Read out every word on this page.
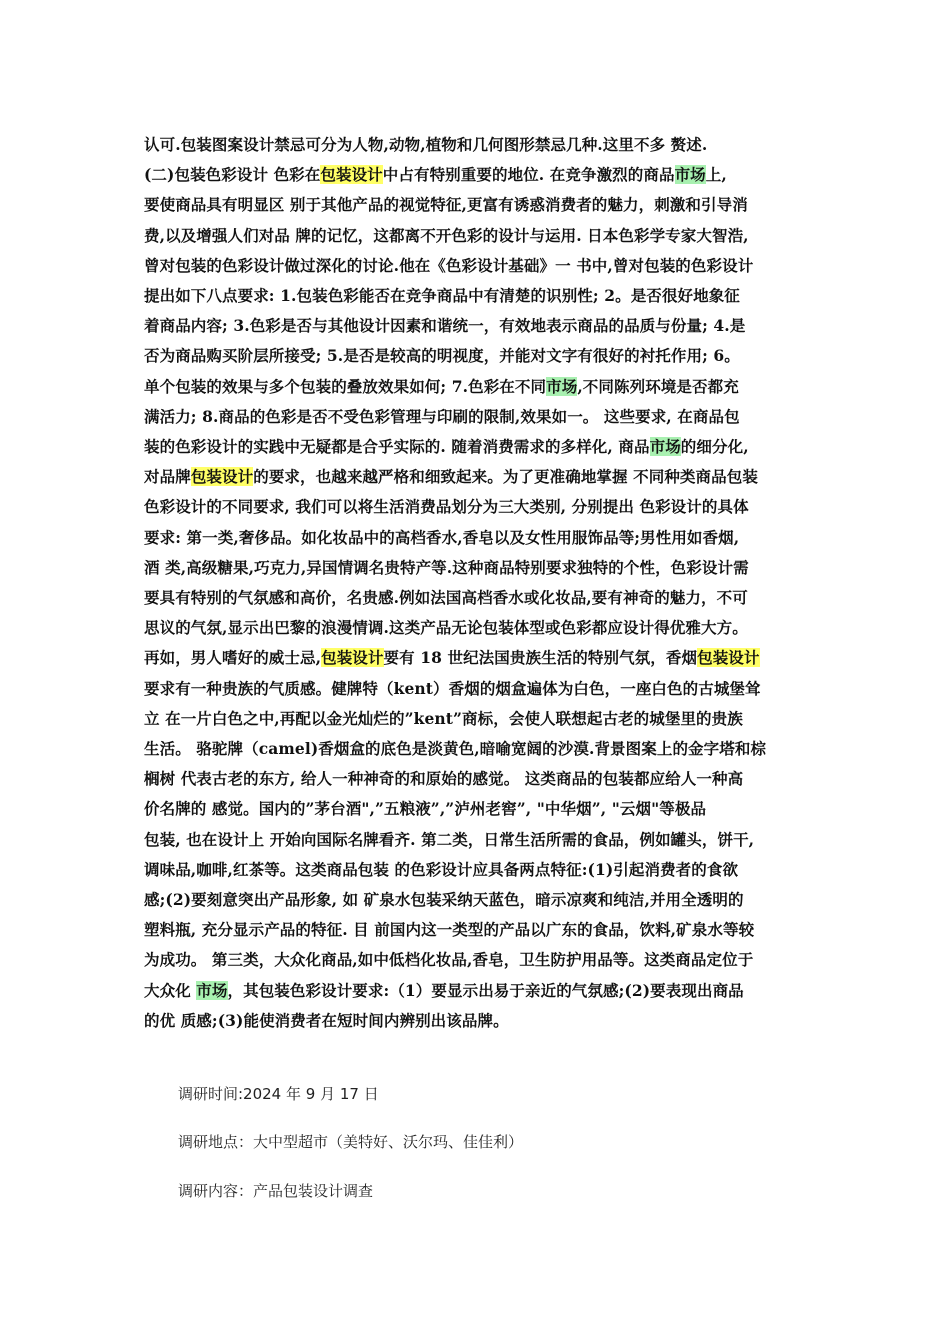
认可.包装图案设计禁忌可分为人物,动物,植物和几何图形禁忌几种.这里不多 赘述.
(二)包装色彩设计 色彩在包装设计中占有特别重要的地位. 在竞争激烈的商品市场上,
要使商品具有明显区 别于其他产品的视觉特征,更富有诱惑消费者的魅力，刺激和引导消
费,以及增强人们对品 牌的记忆，这都离不开色彩的设计与运用. 日本色彩学专家大智浩,
曾对包装的色彩设计做过深化的讨论.他在《色彩设计基础》一 书中,曾对包装的色彩设计
提出如下八点要求: 1.包装色彩能否在竞争商品中有清楚的识别性; 2。是否很好地象征
着商品内容; 3.色彩是否与其他设计因素和谐统一，有效地表示商品的品质与份量; 4.是
否为商品购买阶层所接受; 5.是否是较高的明视度，并能对文字有很好的衬托作用; 6。
单个包装的效果与多个包装的叠放效果如何; 7.色彩在不同市场,不同陈列环境是否都充
满活力; 8.商品的色彩是否不受色彩管理与印刷的限制,效果如一。 这些要求, 在商品包
装的色彩设计的实践中无疑都是合乎实际的. 随着消费需求的多样化, 商品市场的细分化,
对品牌包装设计的要求，也越来越严格和细致起来。为了更准确地掌握 不同种类商品包装
色彩设计的不同要求, 我们可以将生活消费品划分为三大类别, 分别提出 色彩设计的具体
要求: 第一类,奢侈品。如化妆品中的高档香水,香皂以及女性用服饰品等;男性用如香烟,
酒 类,高级糖果,巧克力,异国情调名贵特产等.这种商品特别要求独特的个性，色彩设计需
要具有特别的气氛感和高价，名贵感.例如法国高档香水或化妆品,要有神奇的魅力，不可
思议的气氛,显示出巴黎的浪漫情调.这类产品无论包装体型或色彩都应设计得优雅大方。
再如，男人嗜好的威士忌,包装设计要有 18 世纪法国贵族生活的特别气氛，香烟包装设计
要求有一种贵族的气质感。健牌特（kent）香烟的烟盒遍体为白色，一座白色的古城堡耸
立 在一片白色之中,再配以金光灿烂的”kent”商标，会使人联想起古老的城堡里的贵族
生活。 骆驼牌（camel)香烟盒的底色是淡黄色,暗喻宽阔的沙漠.背景图案上的金字塔和棕
榈树 代表古老的东方, 给人一种神奇的和原始的感觉。 这类商品的包装都应给人一种高
价名牌的 感觉。国内的”茅台酒",”五粮液”,”泸州老窖”, "中华烟”, "云烟"等极品
包装, 也在设计上 开始向国际名牌看齐. 第二类，日常生活所需的食品，例如罐头，饼干,
调味品,咖啡,红茶等。这类商品包装 的色彩设计应具备两点特征:(1)引起消费者的食欲
感;(2)要刻意突出产品形象, 如 矿泉水包装采纳天蓝色，暗示凉爽和纯洁,并用全透明的
塑料瓶, 充分显示产品的特征. 目 前国内这一类型的产品以广东的食品，饮料,矿泉水等较
为成功。 第三类，大众化商品,如中低档化妆品,香皂，卫生防护用品等。这类商品定位于
大众化 市场，其包装色彩设计要求:（1）要显示出易于亲近的气氛感;(2)要表现出商品
的优 质感;(3)能使消费者在短时间内辨别出该品牌。
调研时间:2024 年 9 月 17 日
调研地点：大中型超市（美特好、沃尔玛、佳佳利）
调研内容：产品包装设计调查
